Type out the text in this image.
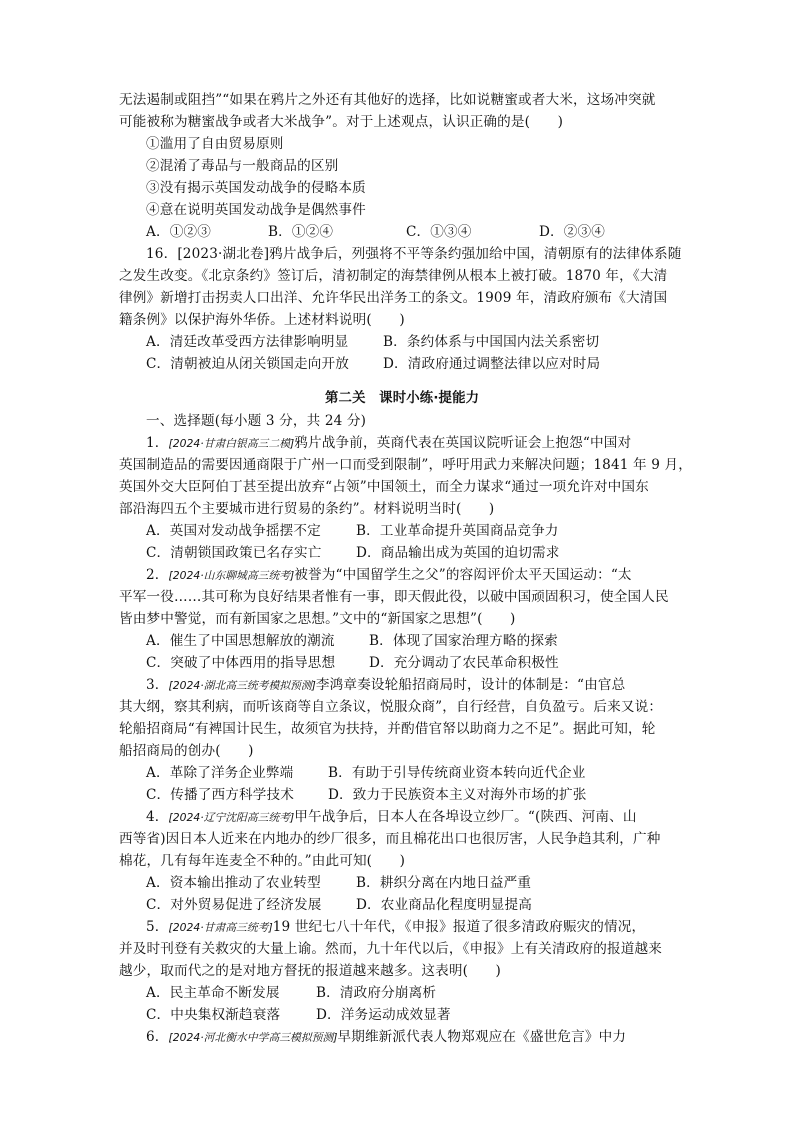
无法遏制或阻挡”“如果在鸦片之外还有其他好的选择，比如说糖蜜或者大米，这场冲突就
可能被称为糖蜜战争或者大米战争”。对于上述观点，认识正确的是(　　)
①滥用了自由贸易原则
②混淆了毒品与一般商品的区别
③没有揭示英国发动战争的侵略本质
④意在说明英国发动战争是偶然事件
A．①②③	B．①②④	C．①③④	D．②③④
16．[2023·湖北卷]鸦片战争后，列强将不平等条约强加给中国，清朝原有的法律体系随
之发生改变。《北京条约》签订后，清初制定的海禁律例从根本上被打破。1870 年，《大清
律例》新增打击拐卖人口出洋、允许华民出洋务工的条文。1909 年，清政府颁布《大清国
籍条例》以保护海外华侨。上述材料说明(　　)
A．清廷改革受西方法律影响明显	B．条约体系与中国国内法关系密切
C．清朝被迫从闭关锁国走向开放	D．清政府通过调整法律以应对时局
第二关　课时小练·提能力
一、选择题(每小题 3 分，共 24 分)
1．[2024·甘肃白银高三二模]鸦片战争前，英商代表在英国议院听证会上抱怨“中国对
英国制造品的需要因通商限于广州一口而受到限制”，呼吁用武力来解决问题；1841 年 9 月，
英国外交大臣阿伯丁甚至提出放弃“占领”中国领土，而全力谋求“通过一项允许对中国东
部沿海四五个主要城市进行贸易的条约”。材料说明当时(　　)
A．英国对发动战争摇摆不定	B．工业革命提升英国商品竞争力
C．清朝锁国政策已名存实亡	D．商品输出成为英国的迫切需求
2．[2024·山东聊城高三统考]被誉为“中国留学生之父”的容闳评价太平天国运动：“太
平军一役……其可称为良好结果者惟有一事，即天假此役，以破中国顽固积习，使全国人民
皆由梦中警觉，而有新国家之思想。”文中的“新国家之思想”(　　)
A．催生了中国思想解放的潮流	B．体现了国家治理方略的探索
C．突破了中体西用的指导思想 D．充分调动了农民革命积极性
3．[2024·湖北高三统考模拟预测]李鸿章奏设轮船招商局时，设计的体制是：“由官总
其大纲，察其利病，而听该商等自立条议，悦服众商”，自行经营，自负盈亏。后来又说：
轮船招商局“有裨国计民生，故须官为扶持，并酌借官帑以助商力之不足”。据此可知，轮
船招商局的创办(　　)
A．革除了洋务企业弊端	B．有助于引导传统商业资本转向近代企业
C．传播了西方科学技术	D．致力于民族资本主义对海外市场的扩张
4．[2024·辽宁沈阳高三统考]甲午战争后，日本人在各埠设立纱厂。“(陕西、河南、山
西等省)因日本人近来在内地办的纱厂很多，而且棉花出口也很厉害，人民争趋其利，广种
棉花，几有每年连麦全不种的。”由此可知(　　)
A．资本输出推动了农业转型	B．耕织分离在内地日益严重
C．对外贸易促进了经济发展	D．农业商品化程度明显提高
5．[2024·甘肃高三统考]19 世纪七八十年代，《申报》报道了很多清政府赈灾的情况，
并及时刊登有关救灾的大量上谕。然而，九十年代以后，《申报》上有关清政府的报道越来
越少，取而代之的是对地方督抚的报道越来越多。这表明(　　)
A．民主革命不断发展	B．清政府分崩离析
C．中央集权渐趋衰落	D．洋务运动成效显著
6．[2024·河北衡水中学高三模拟预测]早期维新派代表人物郑观应在《盛世危言》中力
